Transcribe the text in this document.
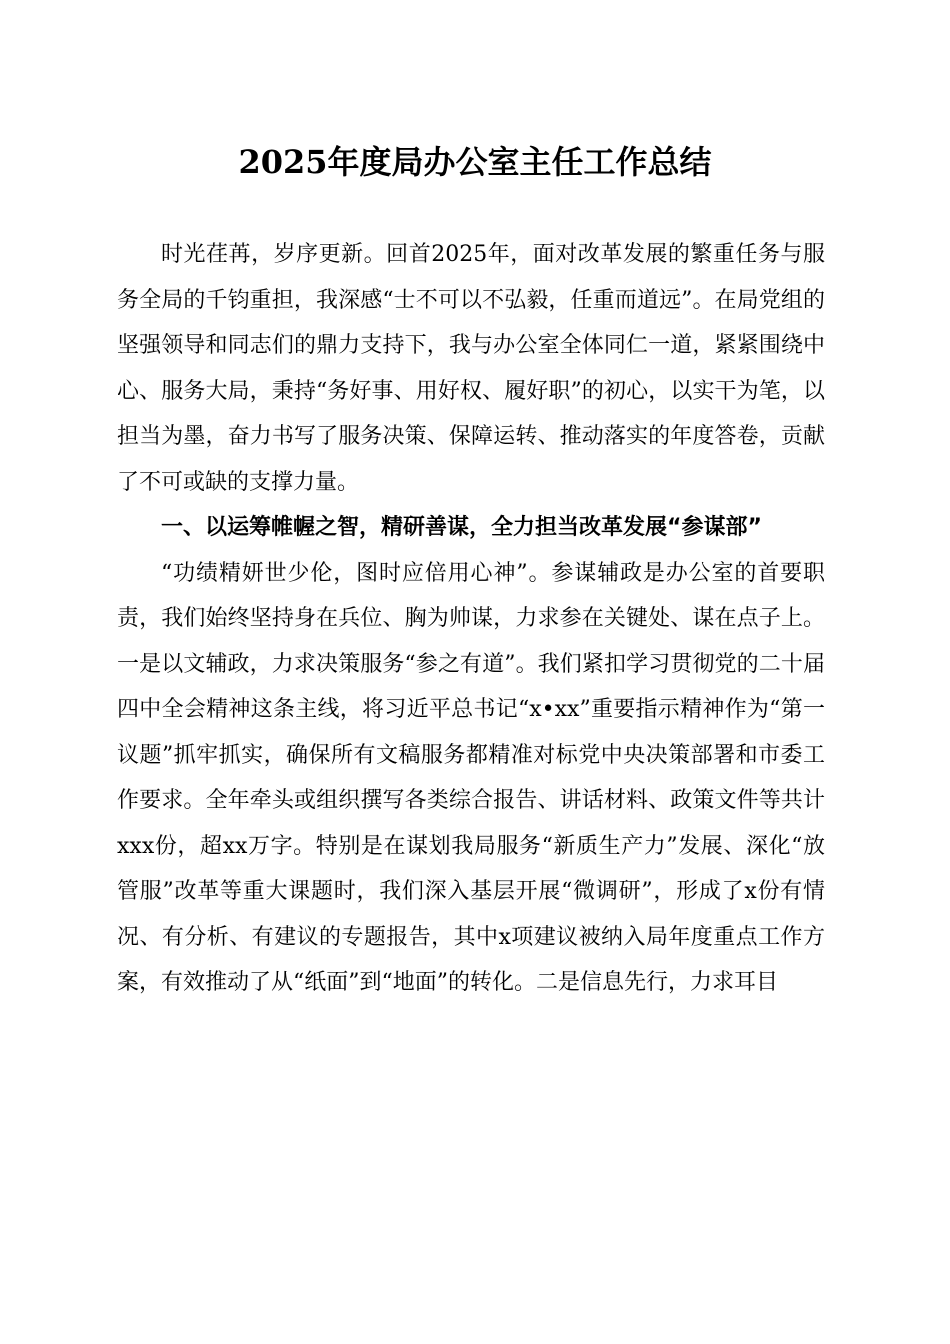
2025年度局办公室主任工作总结

时光荏苒，岁序更新。回首2025年，面对改革发展的繁重任务与服务全局的千钧重担，我深感“士不可以不弘毅，任重而道远”。在局党组的坚强领导和同志们的鼎力支持下，我与办公室全体同仁一道，紧紧围绕中心、服务大局，秉持“务好事、用好权、履好职”的初心，以实干为笔，以担当为墨，奋力书写了服务决策、保障运转、推动落实的年度答卷，贡献了不可或缺的支撑力量。

一、以运筹帷幄之智，精研善谋，全力担当改革发展“参谋部”

“功绩精妍世少伦，图时应倍用心神”。参谋辅政是办公室的首要职责，我们始终坚持身在兵位、胸为帅谋，力求参在关键处、谋在点子上。一是以文辅政，力求决策服务“参之有道”。我们紧扣学习贯彻党的二十届四中全会精神这条主线，将习近平总书记“x•xx”重要指示精神作为“第一议题”抓牢抓实，确保所有文稿服务都精准对标党中央决策部署和市委工作要求。全年牵头或组织撰写各类综合报告、讲话材料、政策文件等共计xxx份，超xx万字。特别是在谋划我局服务“新质生产力”发展、深化“放管服”改革等重大课题时，我们深入基层开展“微调研”，形成了x份有情况、有分析、有建议的专题报告，其中x项建议被纳入局年度重点工作方案，有效推动了从“纸面”到“地面”的转化。二是信息先行，力求耳目
